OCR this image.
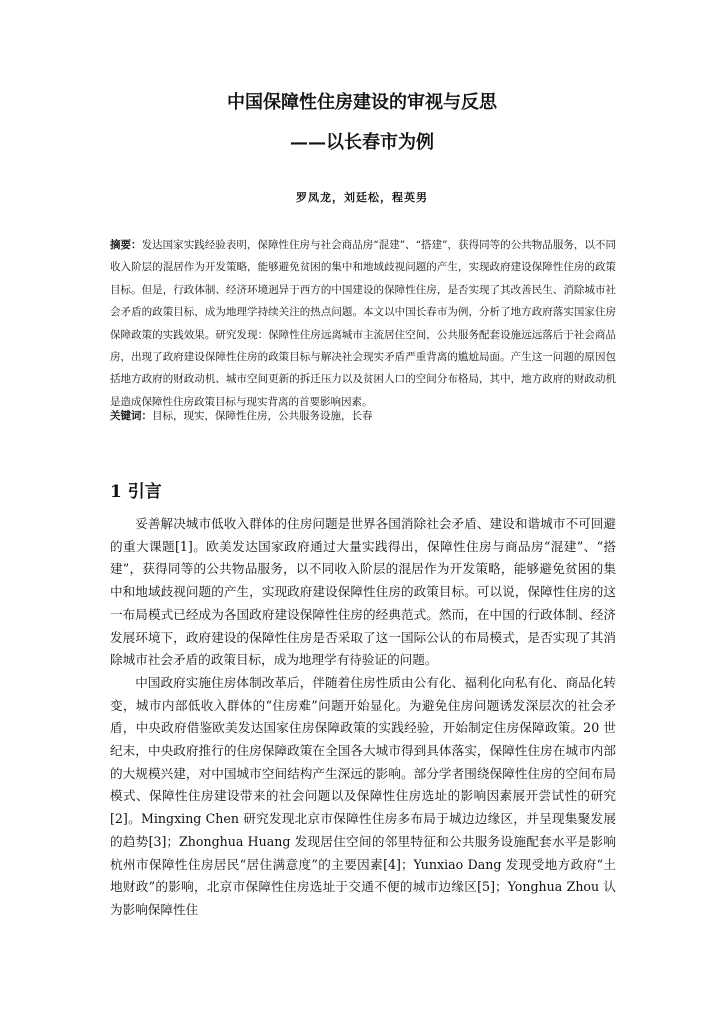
中国保障性住房建设的审视与反思
——以长春市为例
罗凤龙，刘廷松，程英男
摘要：发达国家实践经验表明，保障性住房与社会商品房“混建”、“搭建”，获得同等的公共物品服务，以不同收入阶层的混居作为开发策略，能够避免贫困的集中和地域歧视问题的产生，实现政府建设保障性住房的政策目标。但是，行政体制、经济环境迥异于西方的中国建设的保障性住房，是否实现了其改善民生、消除城市社会矛盾的政策目标，成为地理学持续关注的热点问题。本文以中国长春市为例，分析了地方政府落实国家住房保障政策的实践效果。研究发现：保障性住房远离城市主流居住空间，公共服务配套设施远远落后于社会商品房，出现了政府建设保障性住房的政策目标与解决社会现实矛盾严重背离的尴尬局面。产生这一问题的原因包括地方政府的财政动机、城市空间更新的拆迁压力以及贫困人口的空间分布格局，其中，地方政府的财政动机是造成保障性住房政策目标与现实背离的首要影响因素。
关键词：目标，现实，保障性住房，公共服务设施，长春
1 引言

妥善解决城市低收入群体的住房问题是世界各国消除社会矛盾、建设和谐城市不可回避的重大课题[1]。欧美发达国家政府通过大量实践得出，保障性住房与商品房“混建”、“搭建”，获得同等的公共物品服务，以不同收入阶层的混居作为开发策略，能够避免贫困的集中和地域歧视问题的产生，实现政府建设保障性住房的政策目标。可以说，保障性住房的这一布局模式已经成为各国政府建设保障性住房的经典范式。然而，在中国的行政体制、经济发展环境下，政府建设的保障性住房是否采取了这一国际公认的布局模式，是否实现了其消除城市社会矛盾的政策目标，成为地理学有待验证的问题。

中国政府实施住房体制改革后，伴随着住房性质由公有化、福利化向私有化、商品化转变，城市内部低收入群体的“住房难”问题开始显化。为避免住房问题诱发深层次的社会矛盾，中央政府借鉴欧美发达国家住房保障政策的实践经验，开始制定住房保障政策。20 世纪末，中央政府推行的住房保障政策在全国各大城市得到具体落实，保障性住房在城市内部的大规模兴建，对中国城市空间结构产生深远的影响。部分学者围绕保障性住房的空间布局模式、保障性住房建设带来的社会问题以及保障性住房选址的影响因素展开尝试性的研究[2]。Mingxing Chen 研究发现北京市保障性住房多布局于城边边缘区，并呈现集聚发展的趋势[3]；Zhonghua Huang 发现居住空间的邻里特征和公共服务设施配套水平是影响杭州市保障性住房居民“居住满意度”的主要因素[4]；Yunxiao Dang 发现受地方政府“土地财政”的影响，北京市保障性住房选址于交通不便的城市边缘区[5]；Yonghua Zhou 认为影响保障性住
